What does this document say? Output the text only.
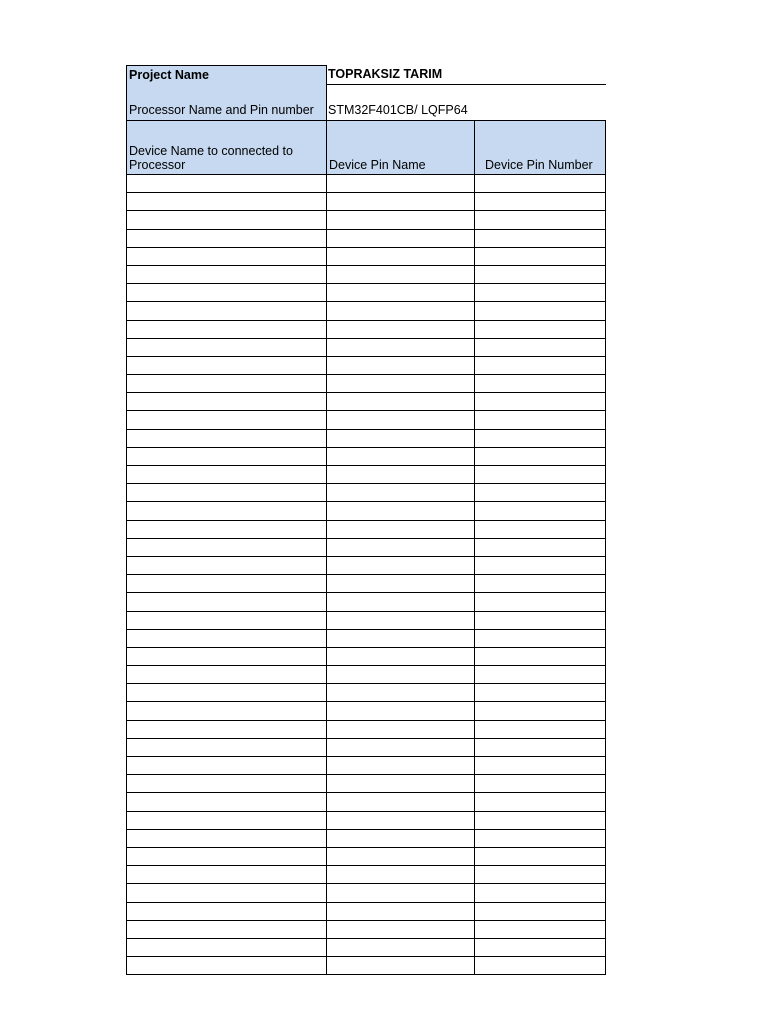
Project Name	TOPRAKSIZ TARIM
Processor Name and Pin number	STM32F401CB/ LQFP64
Device Name to connected to Processor	Device Pin Name	Device Pin Number
